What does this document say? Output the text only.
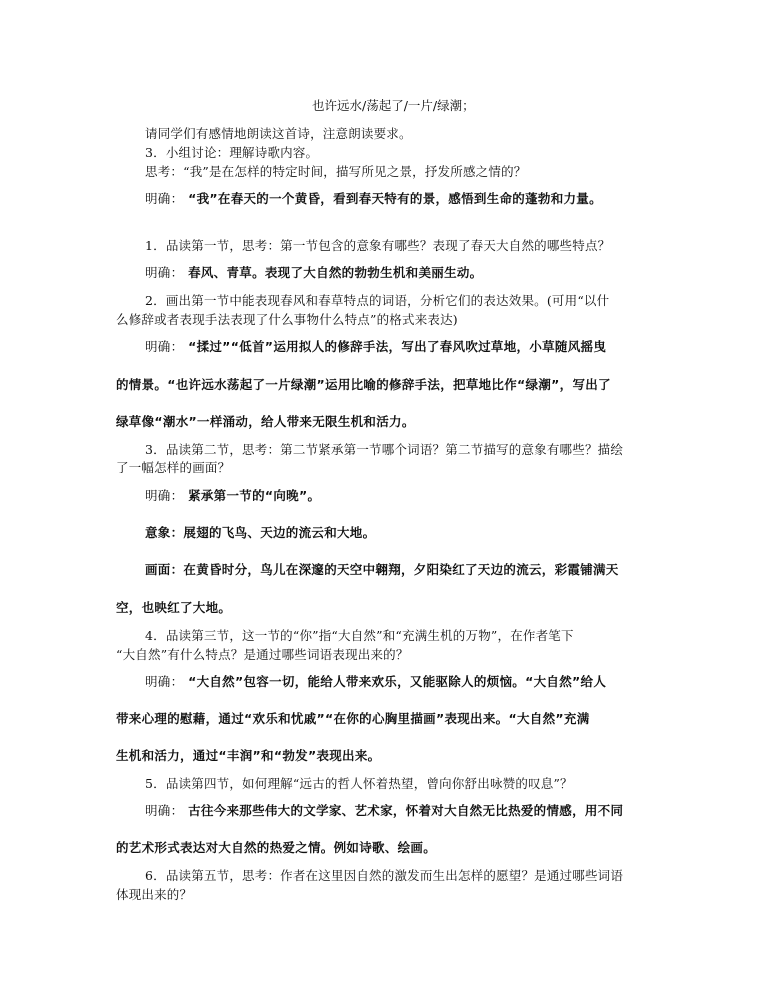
也许远水/荡起了/一片/绿潮；
请同学们有感情地朗读这首诗，注意朗读要求。
3．小组讨论：理解诗歌内容。
思考：“我”是在怎样的特定时间，描写所见之景，抒发所感之情的？
明确： “我”在春天的一个黄昏，看到春天特有的景，感悟到生命的蓬勃和力量。
1．品读第一节，思考：第一节包含的意象有哪些？表现了春天大自然的哪些特点？
明确： 春风、青草。表现了大自然的勃勃生机和美丽生动。
2．画出第一节中能表现春风和春草特点的词语，分析它们的表达效果。(可用“以什
么修辞或者表现手法表现了什么事物什么特点”的格式来表达)
明确： “揉过”“低首”运用拟人的修辞手法，写出了春风吹过草地，小草随风摇曳
的情景。“也许远水荡起了一片绿潮”运用比喻的修辞手法，把草地比作“绿潮”，写出了
绿草像“潮水”一样涌动，给人带来无限生机和活力。
3．品读第二节，思考：第二节紧承第一节哪个词语？第二节描写的意象有哪些？描绘
了一幅怎样的画面？
明确： 紧承第一节的“向晚”。
意象：展翅的飞鸟、天边的流云和大地。
画面：在黄昏时分，鸟儿在深邃的天空中翱翔，夕阳染红了天边的流云，彩霞铺满天
空，也映红了大地。
4．品读第三节，这一节的“你”指“大自然”和“充满生机的万物”，在作者笔下
“大自然”有什么特点？是通过哪些词语表现出来的？
明确： “大自然”包容一切，能给人带来欢乐，又能驱除人的烦恼。“大自然”给人
带来心理的慰藉，通过“欢乐和忧戚”“在你的心胸里描画”表现出来。“大自然”充满
生机和活力，通过“丰润”和“勃发”表现出来。
5．品读第四节，如何理解“远古的哲人怀着热望，曾向你舒出咏赞的叹息”？
明确： 古往今来那些伟大的文学家、艺术家，怀着对大自然无比热爱的情感，用不同
的艺术形式表达对大自然的热爱之情。例如诗歌、绘画。
6．品读第五节，思考：作者在这里因自然的激发而生出怎样的愿望？是通过哪些词语
体现出来的？
